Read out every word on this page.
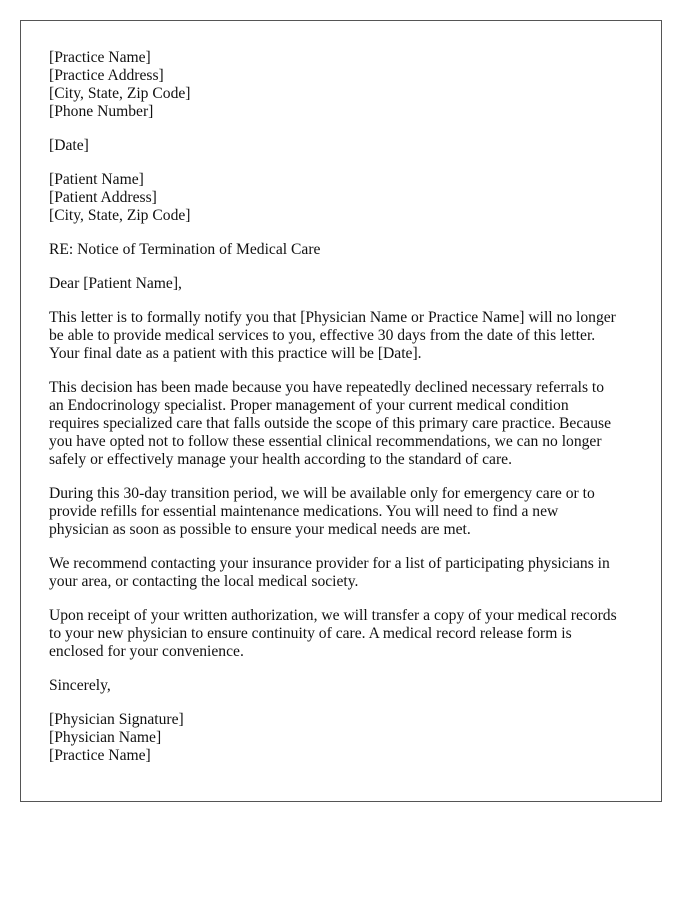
[Practice Name]
[Practice Address]
[City, State, Zip Code]
[Phone Number]

[Date]

[Patient Name]
[Patient Address]
[City, State, Zip Code]

RE: Notice of Termination of Medical Care

Dear [Patient Name],

This letter is to formally notify you that [Physician Name or Practice Name] will no longer
be able to provide medical services to you, effective 30 days from the date of this letter.
Your final date as a patient with this practice will be [Date].

This decision has been made because you have repeatedly declined necessary referrals to
an Endocrinology specialist. Proper management of your current medical condition
requires specialized care that falls outside the scope of this primary care practice. Because
you have opted not to follow these essential clinical recommendations, we can no longer
safely or effectively manage your health according to the standard of care.

During this 30-day transition period, we will be available only for emergency care or to
provide refills for essential maintenance medications. You will need to find a new
physician as soon as possible to ensure your medical needs are met.

We recommend contacting your insurance provider for a list of participating physicians in
your area, or contacting the local medical society.

Upon receipt of your written authorization, we will transfer a copy of your medical records
to your new physician to ensure continuity of care. A medical record release form is
enclosed for your convenience.

Sincerely,

[Physician Signature]
[Physician Name]
[Practice Name]
